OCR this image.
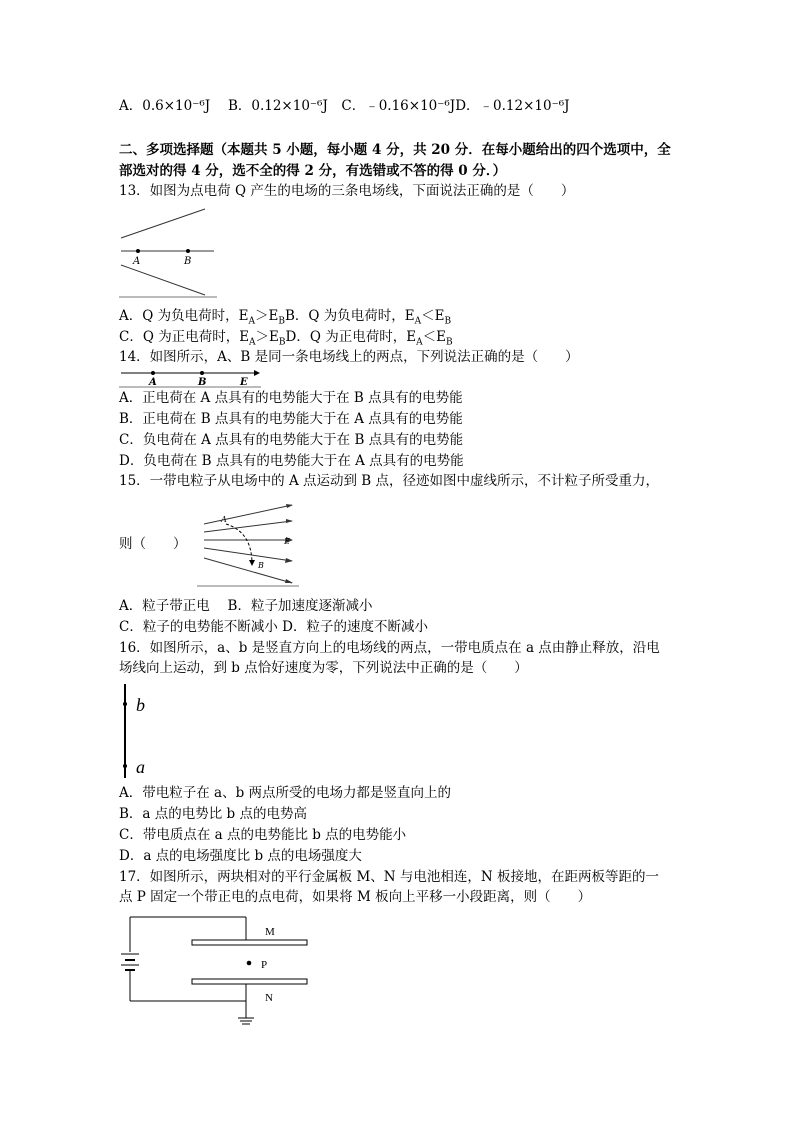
A．0.6×10⁻⁶J　 B．0.12×10⁻⁶J　C．﹣0.16×10⁻⁶JD．﹣0.12×10⁻⁶J
二、多项选择题（本题共 5 小题，每小题 4 分，共 20 分．在每小题给出的四个选项中，全
部选对的得 4 分，选不全的得 2 分，有选错或不答的得 0 分．）
13．如图为点电荷 Q 产生的电场的三条电场线，下面说法正确的是（　　）
A	B
A．Q 为负电荷时，$E_A>E_BB$．Q 为负电荷时，$E_A<E_B$
C．Q 为正电荷时，$E_A>E_BD$．Q 为正电荷时，$E_A<E_B$
14．如图所示，A、B 是同一条电场线上的两点，下列说法正确的是（　　）
A	B	E
A．正电荷在 A 点具有的电势能大于在 B 点具有的电势能
B．正电荷在 B 点具有的电势能大于在 A 点具有的电势能
C．负电荷在 A 点具有的电势能大于在 B 点具有的电势能
D．负电荷在 B 点具有的电势能大于在 A 点具有的电势能
15．一带电粒子从电场中的 A 点运动到 B 点，径迹如图中虚线所示，不计粒子所受重力，
则（　　）
A
E
B
A．粒子带正电　 B．粒子加速度逐渐减小
C．粒子的电势能不断减小 D．粒子的速度不断减小
16．如图所示，a、b 是竖直方向上的电场线的两点，一带电质点在 a 点由静止释放，沿电
场线向上运动，到 b 点恰好速度为零，下列说法中正确的是（　　）
b
a
A．带电粒子在 a、b 两点所受的电场力都是竖直向上的
B．a 点的电势比 b 点的电势高
C．带电质点在 a 点的电势能比 b 点的电势能小
D．a 点的电场强度比 b 点的电场强度大
17．如图所示，两块相对的平行金属板 M、N 与电池相连，N 板接地，在距两板等距的一
点 P 固定一个带正电的点电荷，如果将 M 板向上平移一小段距离，则（　　）
M
P
N
